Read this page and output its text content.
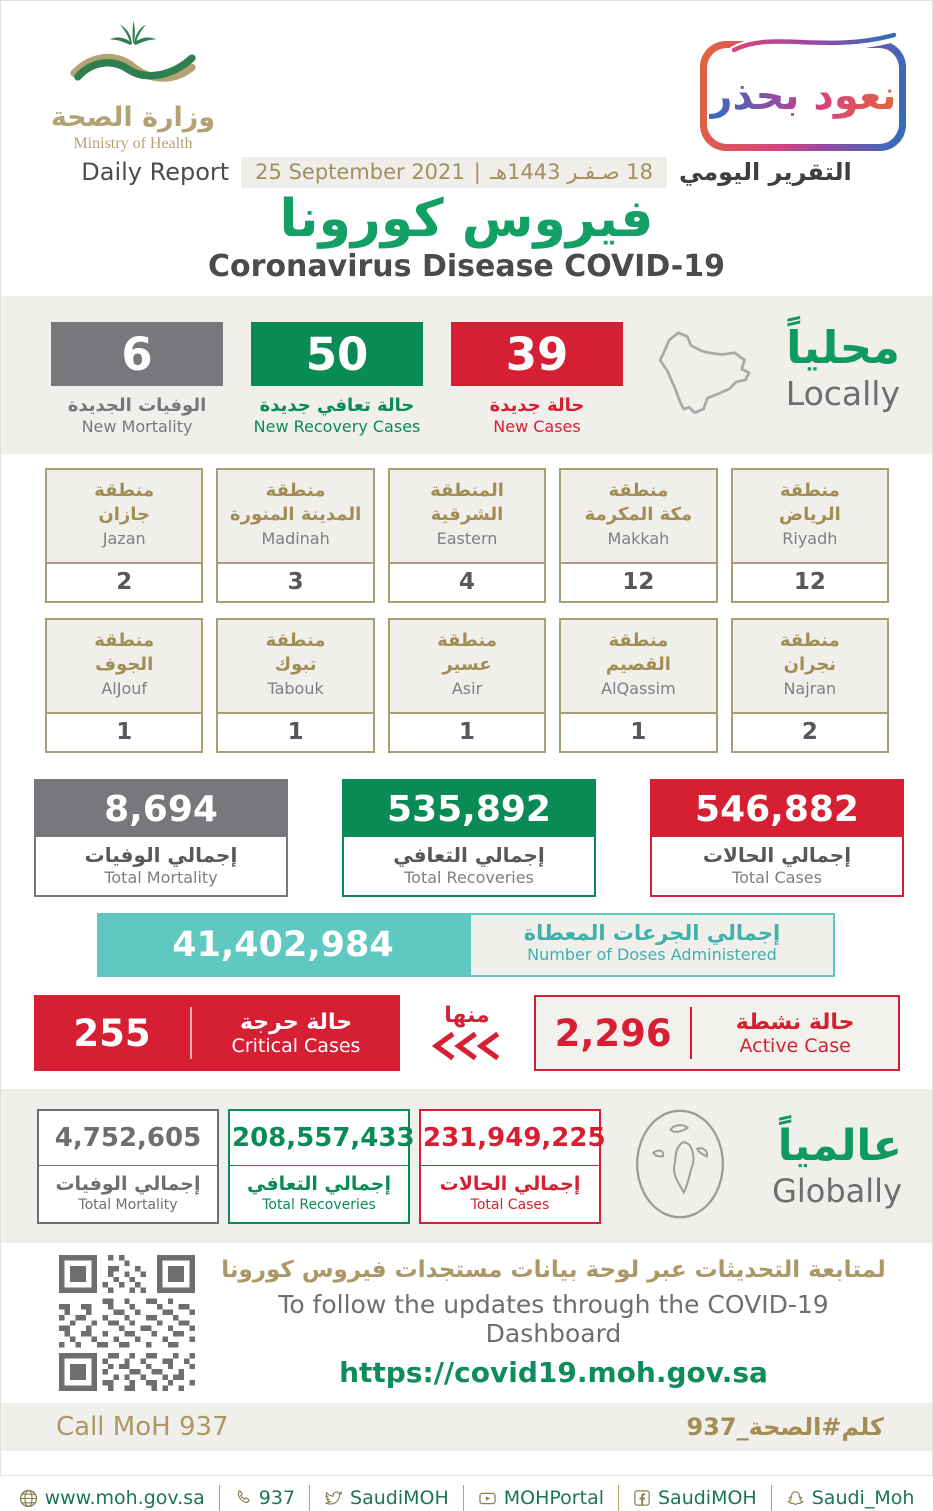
وزارة الصحة
Ministry of Health
نعود بحذر
Daily Report 25 September 2021 | 18 صـفـر 1443هـ التقرير اليومي
فيروس كورونا
Coronavirus Disease COVID-19
6
الوفيات الجديدة
New Mortality
50
حالة تعافي جديدة
New Recovery Cases
39
حالة جديدة
New Cases
محلياً
Locally
منطقة
جازان
Jazan
2
منطقة
المدينة المنورة
Madinah
3
المنطقة
الشرقية
Eastern
4
منطقة
مكة المكرمة
Makkah
12
منطقة
الرياض
Riyadh
12
منطقة
الجوف
AlJouf
1
منطقة
تبوك
Tabouk
1
منطقة
عسير
Asir
1
منطقة
القصيم
AlQassim
1
منطقة
نجران
Najran
2
8,694
إجمالي الوفيات
Total Mortality
535,892
إجمالي التعافي
Total Recoveries
546,882
إجمالي الحالات
Total Cases
41,402,984	إجمالي الجرعات المعطاة
Number of Doses Administered
255	حالة حرجة
Critical Cases
منها	2,296	حالة نشطة
Active Case
4,752,605
إجمالي الوفيات
Total Mortality
208,557,433
إجمالي التعافي
Total Recoveries
231,949,225
إجمالي الحالات
Total Cases
عالمياً
Globally
لمتابعة التحديثات عبر لوحة بيانات مستجدات فيروس كورونا
To follow the updates through the COVID-19 Dashboard
https://covid19.moh.gov.sa
Call MoH 937	كلم#الصحة_937
www.moh.gov.sa	937	SaudiMOH	MOHPortal	SaudiMOH	Saudi_Moh
